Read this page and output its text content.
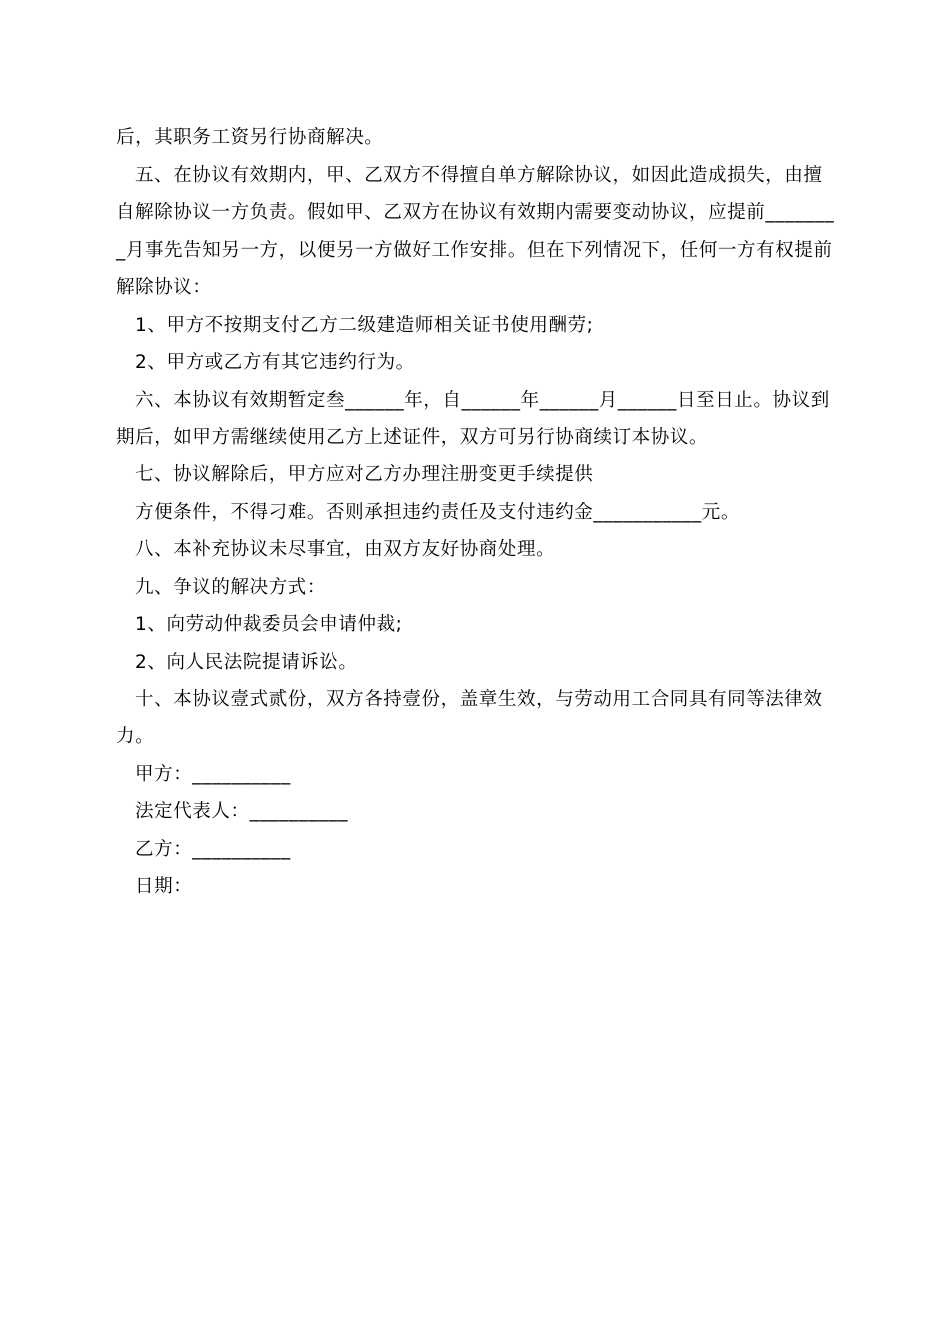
后，其职务工资另行协商解决。
五、在协议有效期内，甲、乙双方不得擅自单方解除协议，如因此造成损失，由擅
自解除协议一方负责。假如甲、乙双方在协议有效期内需要变动协议，应提前_______
_月事先告知另一方，以便另一方做好工作安排。但在下列情况下，任何一方有权提前
解除协议：
1、甲方不按期支付乙方二级建造师相关证书使用酬劳;
2、甲方或乙方有其它违约行为。
六、本协议有效期暂定叁______年，自______年______月______日至日止。协议到
期后，如甲方需继续使用乙方上述证件，双方可另行协商续订本协议。
七、协议解除后，甲方应对乙方办理注册变更手续提供
方便条件，不得刁难。否则承担违约责任及支付违约金___________元。
八、本补充协议未尽事宜，由双方友好协商处理。
九、争议的解决方式：
1、向劳动仲裁委员会申请仲裁;
2、向人民法院提请诉讼。
十、本协议壹式贰份，双方各持壹份，盖章生效，与劳动用工合同具有同等法律效
力。
甲方：__________
法定代表人：__________
乙方：__________
日期：
